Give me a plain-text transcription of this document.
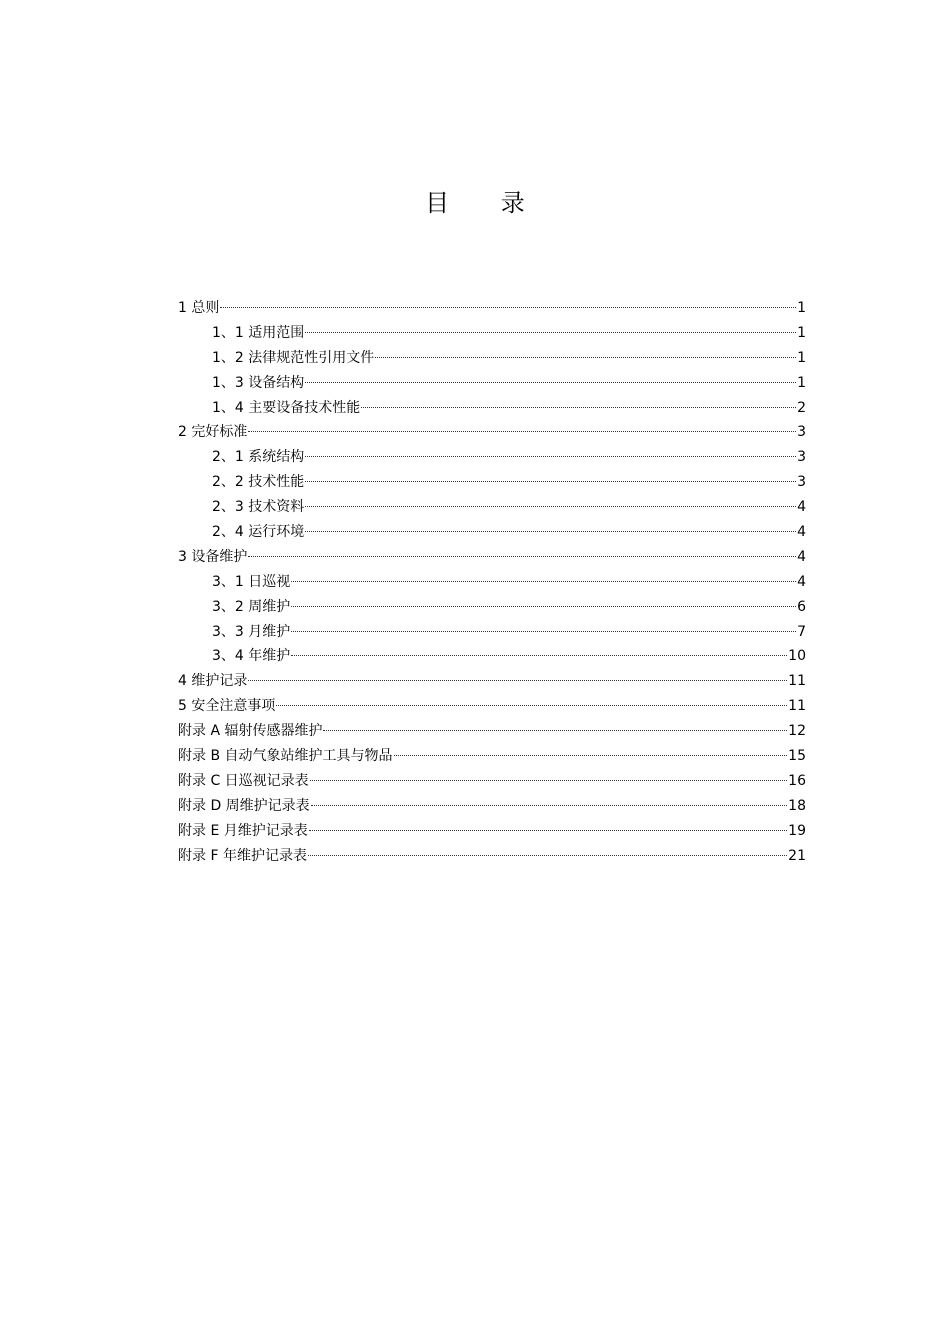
目 录
1 总则	1
1、1 适用范围	1
1、2 法律规范性引用文件	1
1、3 设备结构	1
1、4 主要设备技术性能	2
2 完好标准	3
2、1 系统结构	3
2、2 技术性能	3
2、3 技术资料	4
2、4 运行环境	4
3 设备维护	4
3、1 日巡视	4
3、2 周维护	6
3、3 月维护	7
3、4 年维护	10
4 维护记录	11
5 安全注意事项	11
附录 A 辐射传感器维护	12
附录 B 自动气象站维护工具与物品	15
附录 C 日巡视记录表	16
附录 D 周维护记录表	18
附录 E 月维护记录表	19
附录 F 年维护记录表	21
